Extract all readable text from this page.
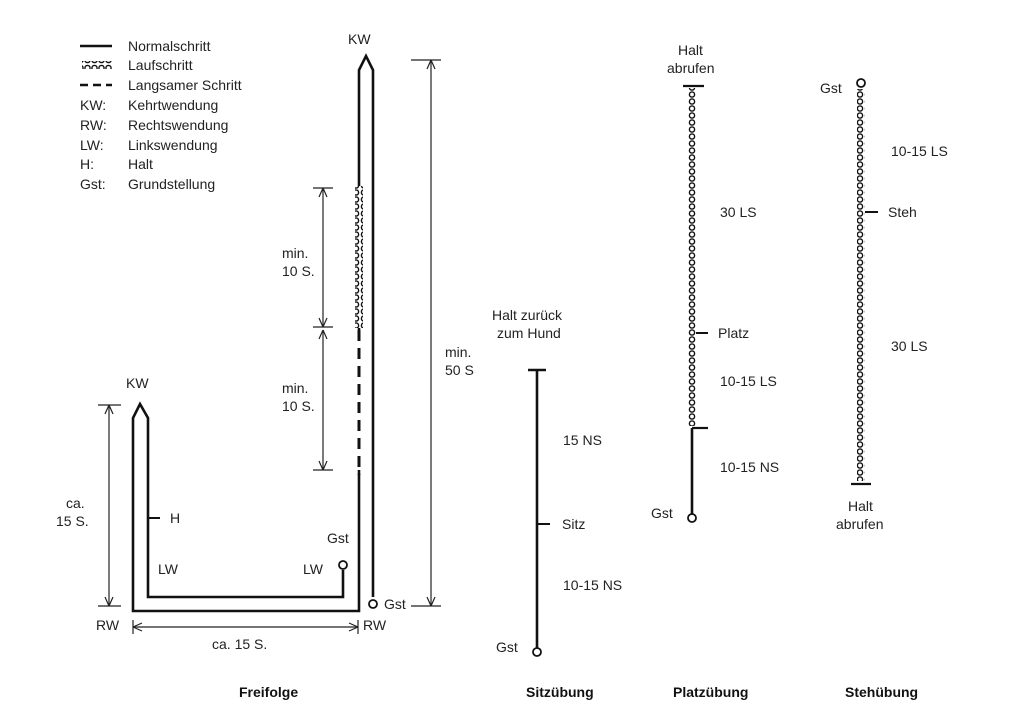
Normalschritt
Laufschritt
Langsamer Schritt
KW: Kehrtwendung
RW: Rechtswendung
LW: Linkswendung
H: Halt
Gst: Grundstellung
KW
KW
H
LW	LW
Gst
Gst
RW	RW
ca.
15 S.
ca. 15 S.
min.
10 S.
min.
10 S.
min.
50 S
Freifolge
Halt zurück
zum Hund
15 NS
Sitz
10-15 NS
Gst
Sitzübung
Halt
abrufen
30 LS
Platz
10-15 LS
10-15 NS
Gst
Platzübung
Gst
10-15 LS
Steh
30 LS
Halt
abrufen
Stehübung
